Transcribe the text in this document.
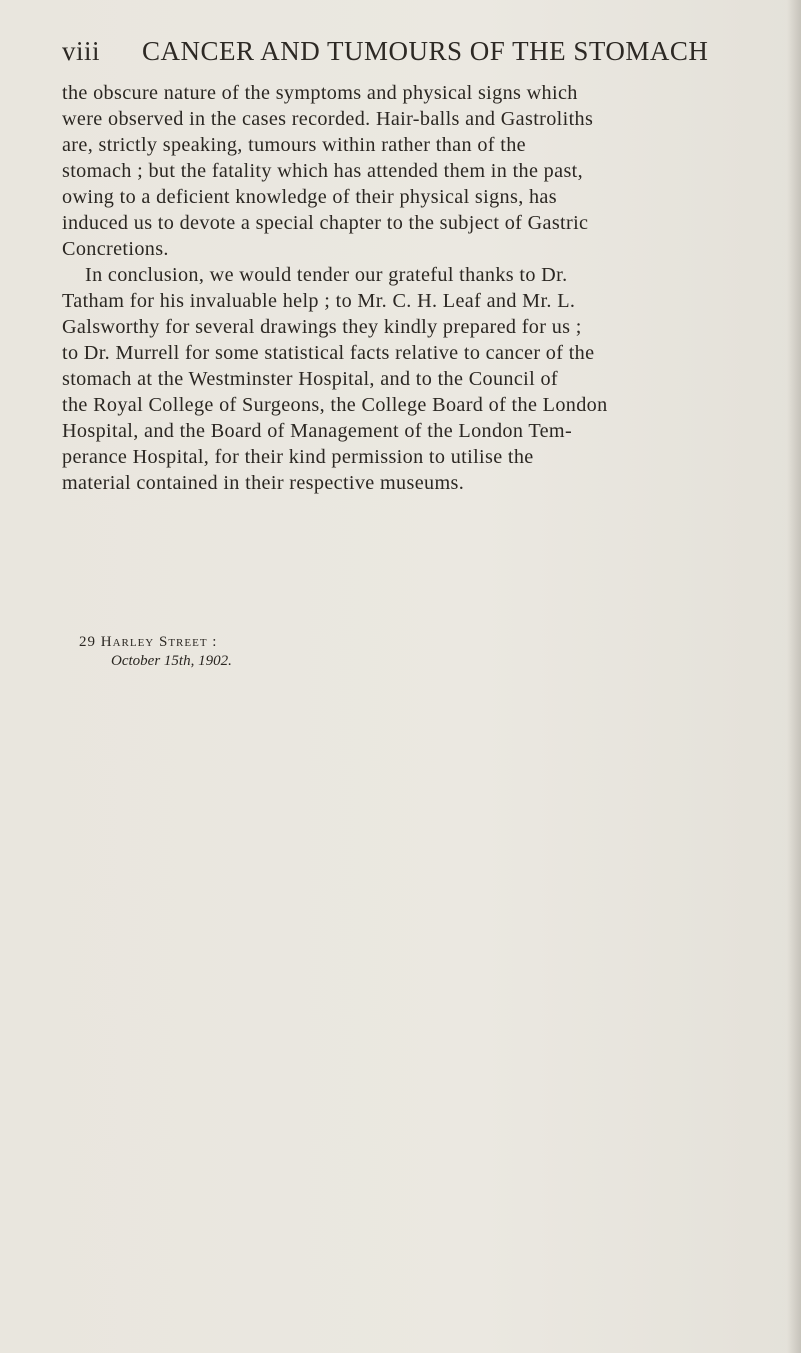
viii CANCER AND TUMOURS OF THE STOMACH
the obscure nature of the symptoms and physical signs which
were observed in the cases recorded. Hair-balls and Gastroliths
are, strictly speaking, tumours within rather than of the
stomach ; but the fatality which has attended them in the past,
owing to a deficient knowledge of their physical signs, has
induced us to devote a special chapter to the subject of Gastric
Concretions.
In conclusion, we would tender our grateful thanks to Dr.
Tatham for his invaluable help ; to Mr. C. H. Leaf and Mr. L.
Galsworthy for several drawings they kindly prepared for us ;
to Dr. Murrell for some statistical facts relative to cancer of the
stomach at the Westminster Hospital, and to the Council of
the Royal College of Surgeons, the College Board of the London
Hospital, and the Board of Management of the London Tem-
perance Hospital, for their kind permission to utilise the
material contained in their respective museums.
29 Harley Street :
October 15th, 1902.
